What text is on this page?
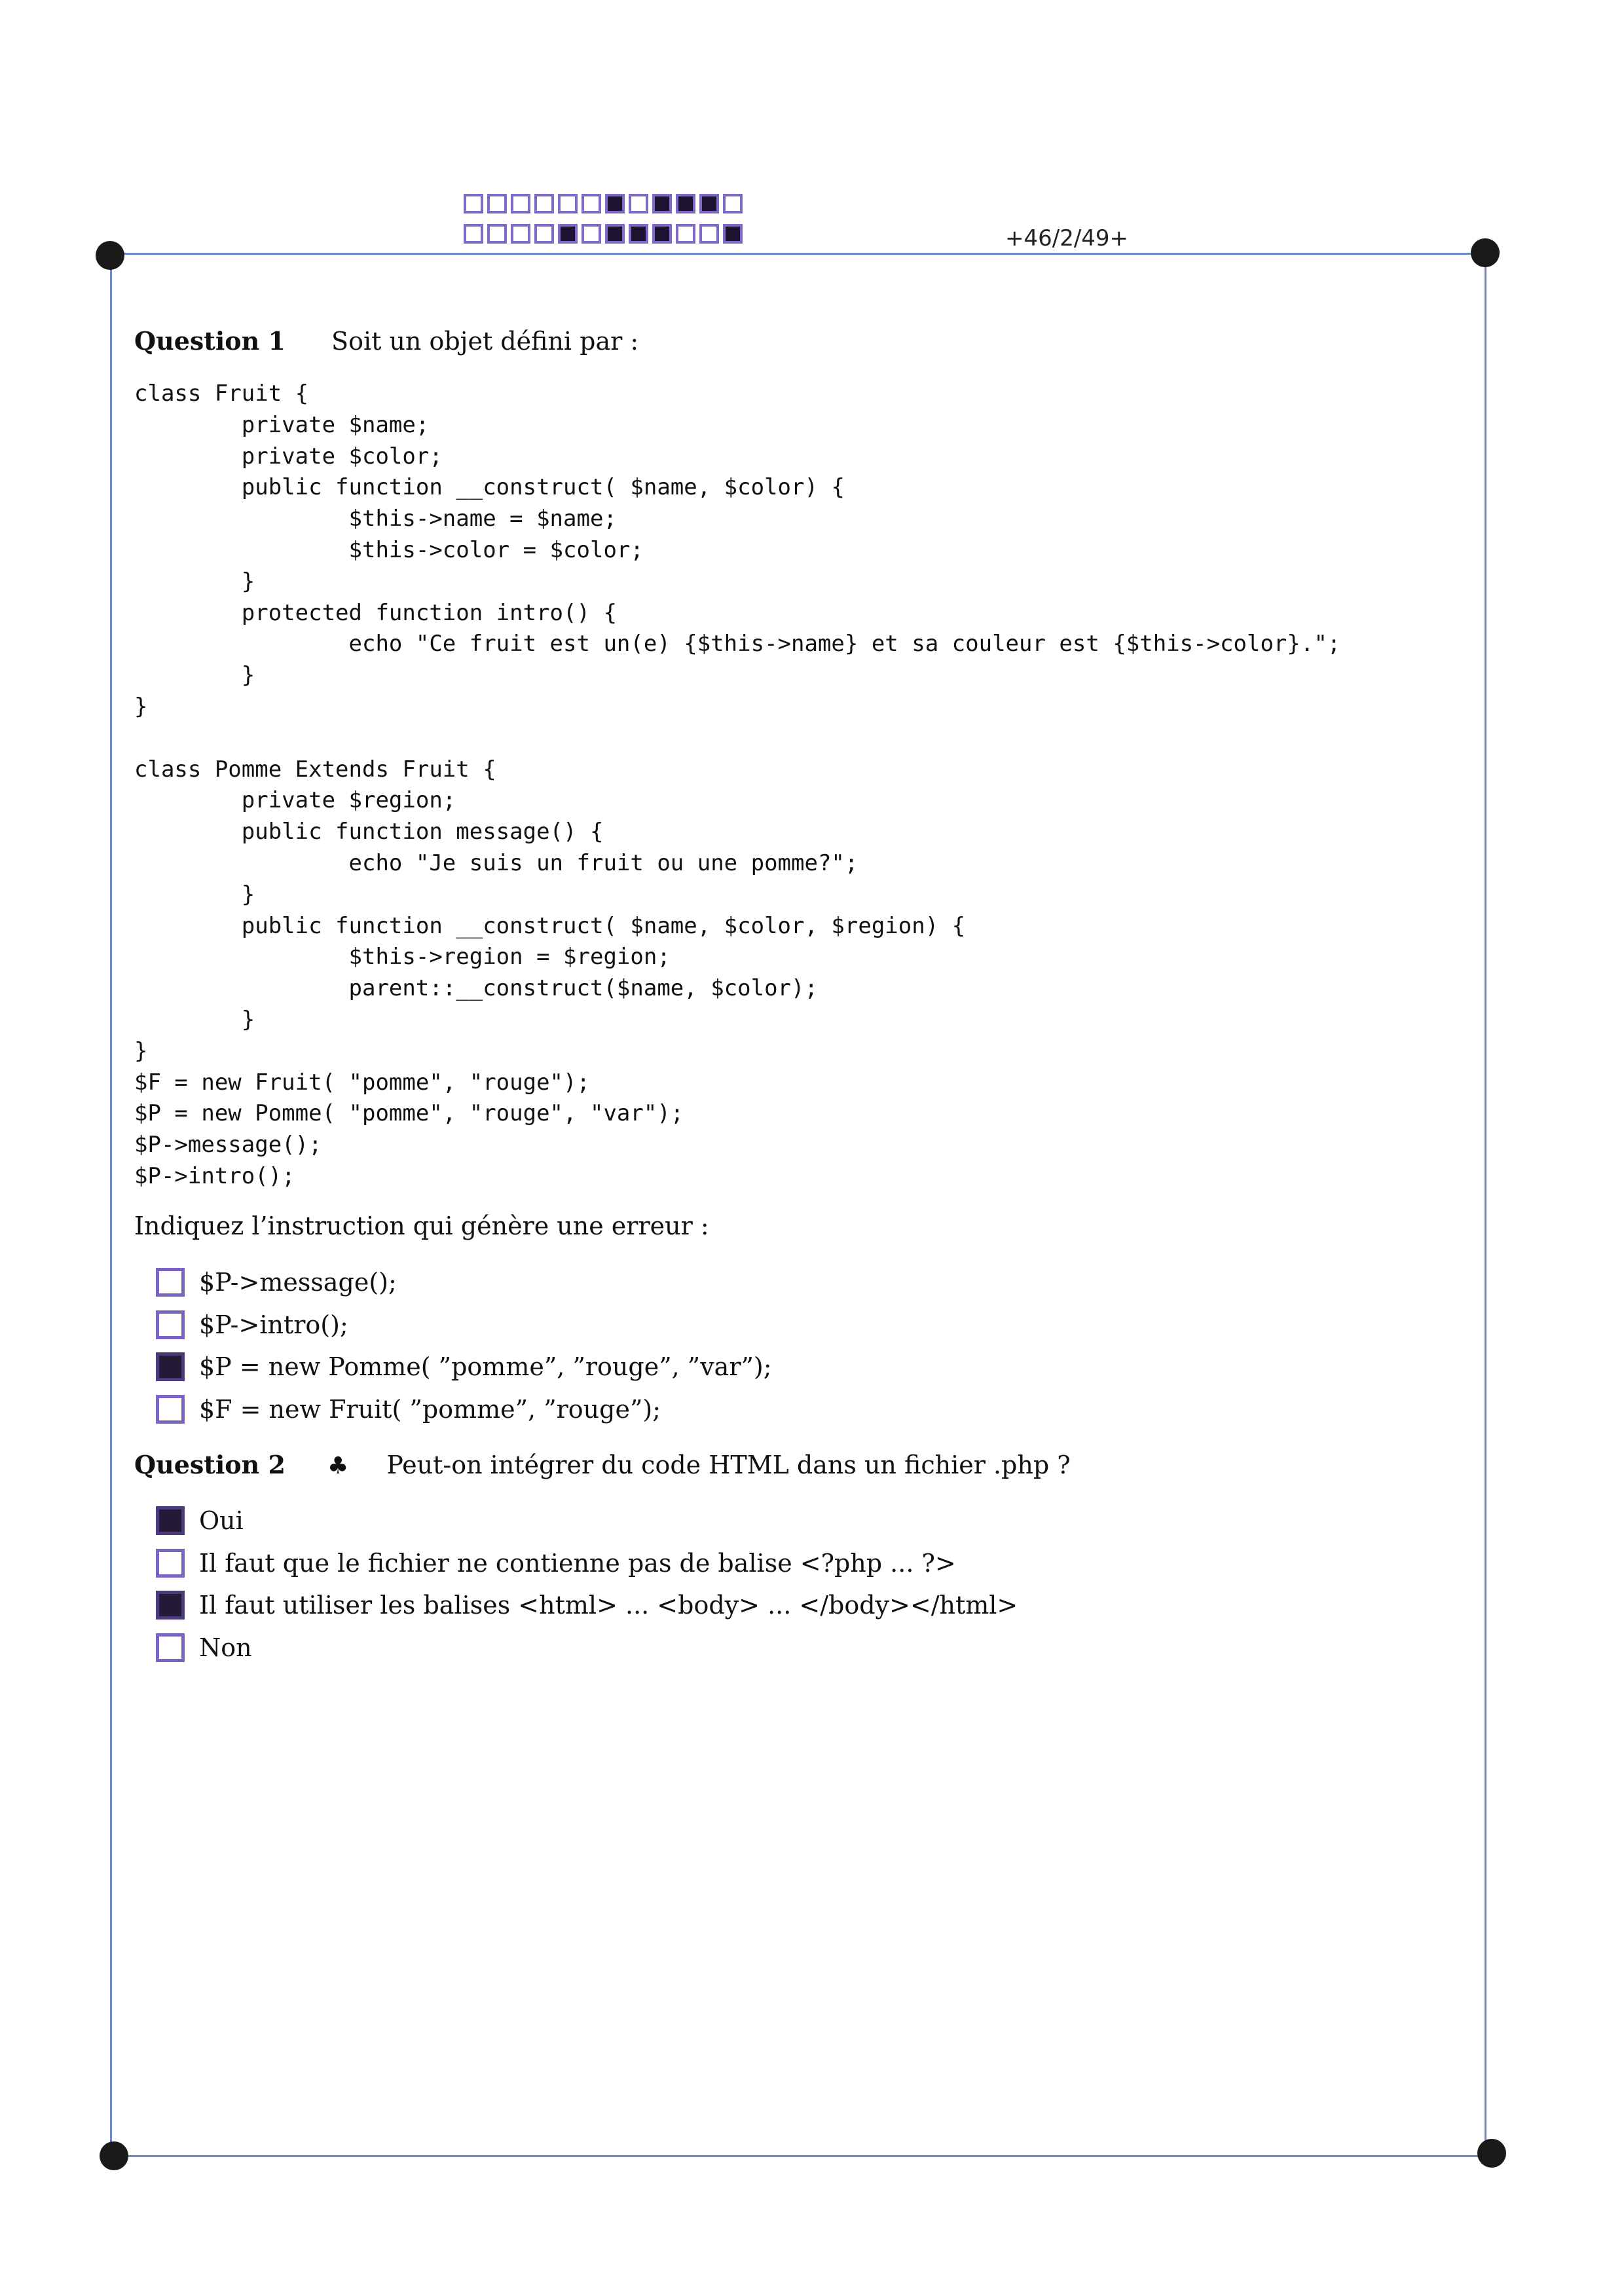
+46/2/49+
Question 1 Soit un objet défini par :
class Fruit {
private $name;
private $color;
public function __construct( $name, $color) {
$this->name = $name;
$this->color = $color;
}
protected function intro() {
echo "Ce fruit est un(e) {$this->name} et sa couleur est {$this->color}.";
}
}

class Pomme Extends Fruit {
private $region;
public function message() {
echo "Je suis un fruit ou une pomme?";
}
public function __construct( $name, $color, $region) {
$this->region = $region;
parent::__construct($name, $color);
}
}
$F = new Fruit( "pomme", "rouge");
$P = new Pomme( "pomme", "rouge", "var");
$P->message();
$P->intro();
Indiquez l’instruction qui génère une erreur :
$P->message();
$P->intro();
$P = new Pomme( ”pomme”, ”rouge”, ”var”);
$F = new Fruit( ”pomme”, ”rouge”);
Question 2 ♣ Peut-on intégrer du code HTML dans un fichier .php ?
Oui
Il faut que le fichier ne contienne pas de balise <?php ... ?>
Il faut utiliser les balises <html> ... <body> ... </body></html>
Non
